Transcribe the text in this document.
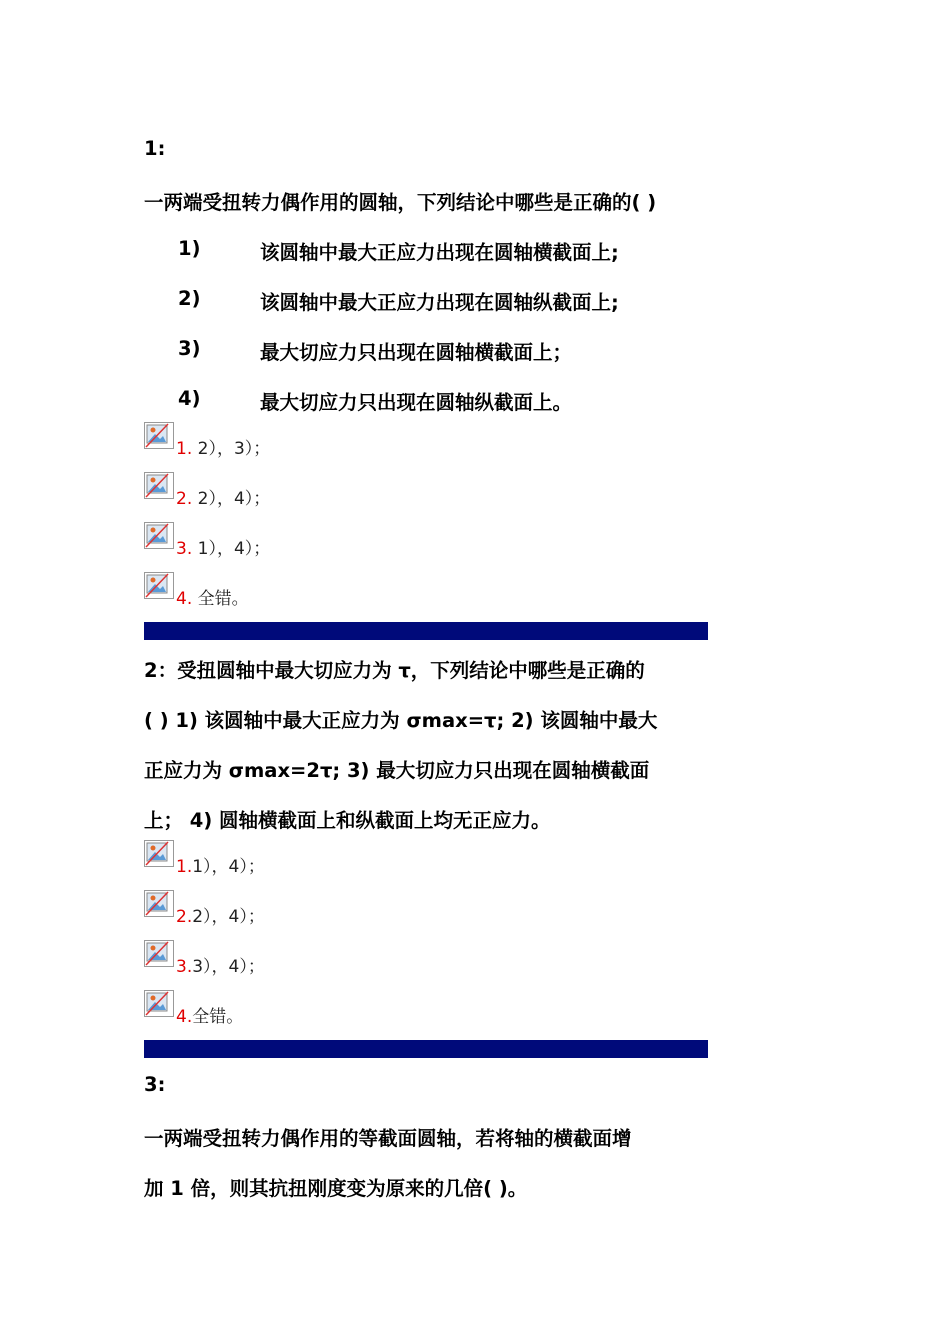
1:
一两端受扭转力偶作用的圆轴，下列结论中哪些是正确的( )
1)	该圆轴中最大正应力出现在圆轴横截面上;
2)	该圆轴中最大正应力出现在圆轴纵截面上;
3)	最大切应力只出现在圆轴横截面上；
4)	最大切应力只出现在圆轴纵截面上。
1. 2），3）；
2. 2），4）；
3. 1），4）；
4. 全错。
2：受扭圆轴中最大切应力为 τ，下列结论中哪些是正确的
( ) 1) 该圆轴中最大正应力为 σmax=τ; 2) 该圆轴中最大
正应力为 σmax=2τ; 3) 最大切应力只出现在圆轴横截面
上； 4) 圆轴横截面上和纵截面上均无正应力。
1.1），4）；
2.2），4）；
3.3），4）；
4.全错。
3:
一两端受扭转力偶作用的等截面圆轴，若将轴的横截面增
加 1 倍，则其抗扭刚度变为原来的几倍( )。
